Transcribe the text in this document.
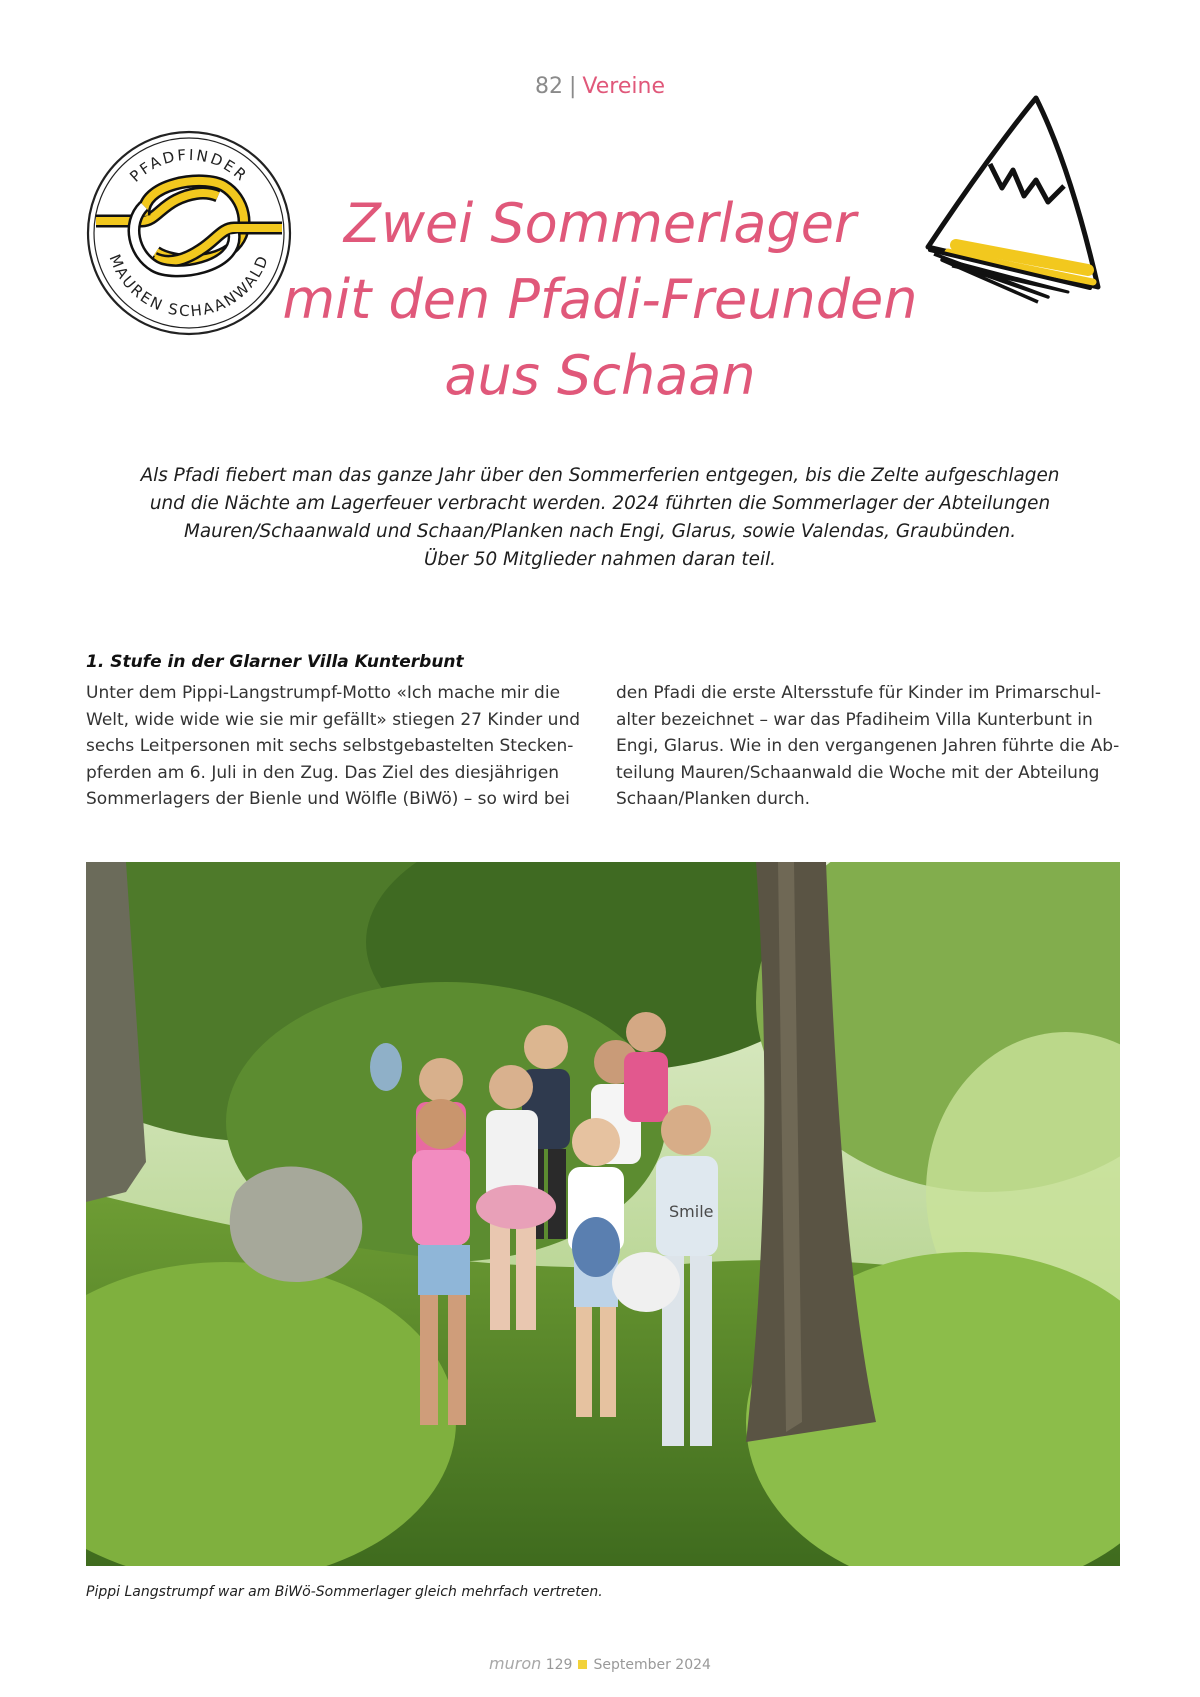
82 | Vereine
PFADFINDER
MAUREN SCHAANWALD
Zwei Sommerlager
mit den Pfadi-Freunden
aus Schaan
Als Pfadi fiebert man das ganze Jahr über den Sommerferien entgegen, bis die Zelte aufgeschlagen
und die Nächte am Lagerfeuer verbracht werden. 2024 führten die Sommerlager der Abteilungen
Mauren/Schaanwald und Schaan/Planken nach Engi, Glarus, sowie Valendas, Graubünden.
Über 50 Mitglieder nahmen daran teil.
1. Stufe in der Glarner Villa Kunterbunt
Unter dem Pippi-Langstrumpf-Motto «Ich mache mir die
Welt, wide wide wie sie mir gefällt» stiegen 27 Kinder und
sechs Leitpersonen mit sechs selbstgebastelten Stecken-
pferden am 6. Juli in den Zug. Das Ziel des diesjährigen
Sommerlagers der Bienle und Wölfle (BiWö) – so wird bei
den Pfadi die erste Altersstufe für Kinder im Primarschul-
alter bezeichnet – war das Pfadiheim Villa Kunterbunt in
Engi, Glarus. Wie in den vergangenen Jahren führte die Ab-
teilung Mauren/Schaanwald die Woche mit der Abteilung
Schaan/Planken durch.
Smile
Pippi Langstrumpf war am BiWö-Sommerlager gleich mehrfach vertreten.
muron 129 September 2024
